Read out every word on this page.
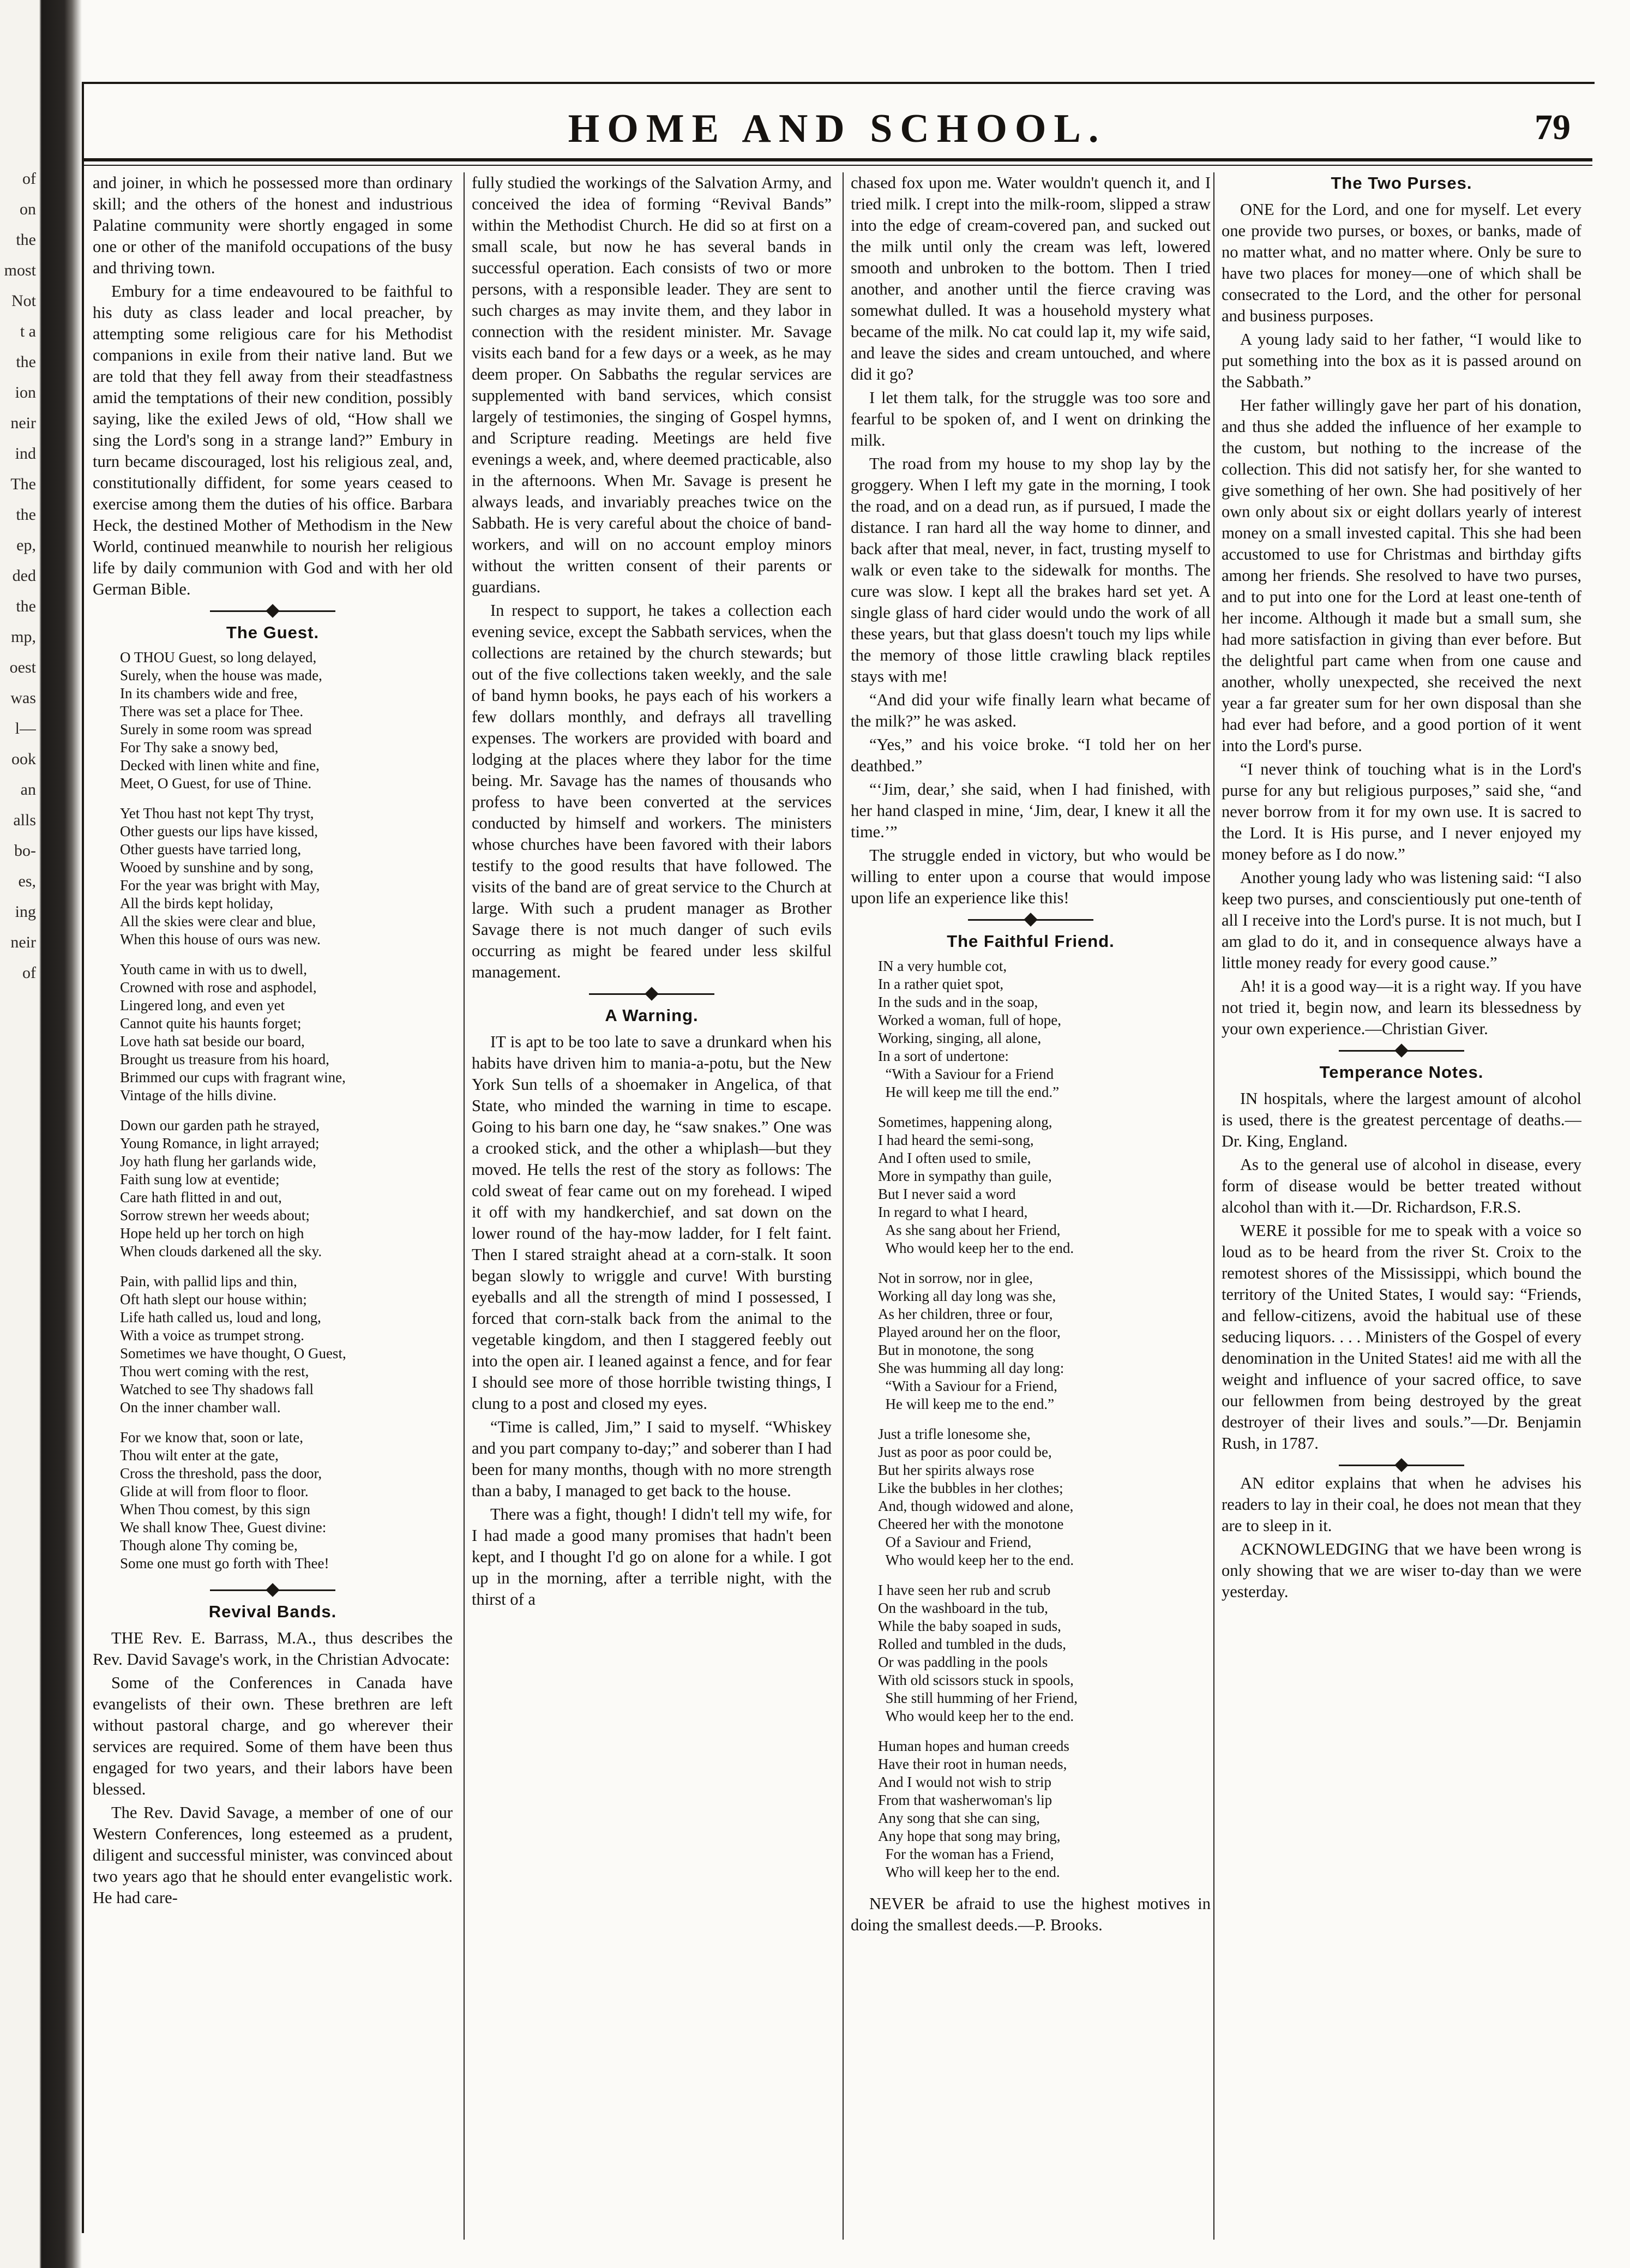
of
on
the
most
Not
t a
the
ion
neir
ind
The
the
ep,
ded
the
mp,
oest
was
l—
ook
an
alls
bo-
es,
ing
neir
of
HOME AND SCHOOL.	79

and joiner, in which he possessed more than ordinary skill; and the others of the honest and industrious Palatine community were shortly engaged in some one or other of the manifold occupations of the busy and thriving town.

Embury for a time endeavoured to be faithful to his duty as class leader and local preacher, by attempting some religious care for his Methodist companions in exile from their native land. But we are told that they fell away from their steadfastness amid the temptations of their new condition, possibly saying, like the exiled Jews of old, “How shall we sing the Lord's song in a strange land?” Embury in turn became discouraged, lost his religious zeal, and, constitutionally diffident, for some years ceased to exercise among them the duties of his office. Barbara Heck, the destined Mother of Methodism in the New World, continued meanwhile to nourish her religious life by daily communion with God and with her old German Bible.

The Guest.
O THOU Guest, so long delayed,
Surely, when the house was made,
In its chambers wide and free,
There was set a place for Thee.
Surely in some room was spread
For Thy sake a snowy bed,
Decked with linen white and fine,
Meet, O Guest, for use of Thine.
Yet Thou hast not kept Thy tryst,
Other guests our lips have kissed,
Other guests have tarried long,
Wooed by sunshine and by song,
For the year was bright with May,
All the birds kept holiday,
All the skies were clear and blue,
When this house of ours was new.
Youth came in with us to dwell,
Crowned with rose and asphodel,
Lingered long, and even yet
Cannot quite his haunts forget;
Love hath sat beside our board,
Brought us treasure from his hoard,
Brimmed our cups with fragrant wine,
Vintage of the hills divine.
Down our garden path he strayed,
Young Romance, in light arrayed;
Joy hath flung her garlands wide,
Faith sung low at eventide;
Care hath flitted in and out,
Sorrow strewn her weeds about;
Hope held up her torch on high
When clouds darkened all the sky.
Pain, with pallid lips and thin,
Oft hath slept our house within;
Life hath called us, loud and long,
With a voice as trumpet strong.
Sometimes we have thought, O Guest,
Thou wert coming with the rest,
Watched to see Thy shadows fall
On the inner chamber wall.
For we know that, soon or late,
Thou wilt enter at the gate,
Cross the threshold, pass the door,
Glide at will from floor to floor.
When Thou comest, by this sign
We shall know Thee, Guest divine:
Though alone Thy coming be,
Some one must go forth with Thee!
Revival Bands.

THE Rev. E. Barrass, M.A., thus describes the Rev. David Savage's work, in the Christian Advocate:

Some of the Conferences in Canada have evangelists of their own. These brethren are left without pastoral charge, and go wherever their services are required. Some of them have been thus engaged for two years, and their labors have been blessed.

The Rev. David Savage, a member of one of our Western Conferences, long esteemed as a prudent, diligent and successful minister, was convinced about two years ago that he should enter evangelistic work. He had care-

fully studied the workings of the Salvation Army, and conceived the idea of forming “Revival Bands” within the Methodist Church. He did so at first on a small scale, but now he has several bands in successful operation. Each consists of two or more persons, with a responsible leader. They are sent to such charges as may invite them, and they labor in connection with the resident minister. Mr. Savage visits each band for a few days or a week, as he may deem proper. On Sabbaths the regular services are supplemented with band services, which consist largely of testimonies, the singing of Gospel hymns, and Scripture reading. Meetings are held five evenings a week, and, where deemed practicable, also in the afternoons. When Mr. Savage is present he always leads, and invariably preaches twice on the Sabbath. He is very careful about the choice of band-workers, and will on no account employ minors without the written consent of their parents or guardians.

In respect to support, he takes a collection each evening sevice, except the Sabbath services, when the collections are retained by the church stewards; but out of the five collections taken weekly, and the sale of band hymn books, he pays each of his workers a few dollars monthly, and defrays all travelling expenses. The workers are provided with board and lodging at the places where they labor for the time being. Mr. Savage has the names of thousands who profess to have been converted at the services conducted by himself and workers. The ministers whose churches have been favored with their labors testify to the good results that have followed. The visits of the band are of great service to the Church at large. With such a prudent manager as Brother Savage there is not much danger of such evils occurring as might be feared under less skilful management.

A Warning.

IT is apt to be too late to save a drunkard when his habits have driven him to mania-a-potu, but the New York Sun tells of a shoemaker in Angelica, of that State, who minded the warning in time to escape. Going to his barn one day, he “saw snakes.” One was a crooked stick, and the other a whiplash—but they moved. He tells the rest of the story as follows: The cold sweat of fear came out on my forehead. I wiped it off with my handkerchief, and sat down on the lower round of the hay-mow ladder, for I felt faint. Then I stared straight ahead at a corn-stalk. It soon began slowly to wriggle and curve! With bursting eyeballs and all the strength of mind I possessed, I forced that corn-stalk back from the animal to the vegetable kingdom, and then I staggered feebly out into the open air. I leaned against a fence, and for fear I should see more of those horrible twisting things, I clung to a post and closed my eyes.

“Time is called, Jim,” I said to myself. “Whiskey and you part company to-day;” and soberer than I had been for many months, though with no more strength than a baby, I managed to get back to the house.

There was a fight, though! I didn't tell my wife, for I had made a good many promises that hadn't been kept, and I thought I'd go on alone for a while. I got up in the morning, after a terrible night, with the thirst of a

chased fox upon me. Water wouldn't quench it, and I tried milk. I crept into the milk-room, slipped a straw into the edge of cream-covered pan, and sucked out the milk until only the cream was left, lowered smooth and unbroken to the bottom. Then I tried another, and another until the fierce craving was somewhat dulled. It was a household mystery what became of the milk. No cat could lap it, my wife said, and leave the sides and cream untouched, and where did it go?

I let them talk, for the struggle was too sore and fearful to be spoken of, and I went on drinking the milk.

The road from my house to my shop lay by the groggery. When I left my gate in the morning, I took the road, and on a dead run, as if pursued, I made the distance. I ran hard all the way home to dinner, and back after that meal, never, in fact, trusting myself to walk or even take to the sidewalk for months. The cure was slow. I kept all the brakes hard set yet. A single glass of hard cider would undo the work of all these years, but that glass doesn't touch my lips while the memory of those little crawling black reptiles stays with me!

“And did your wife finally learn what became of the milk?” he was asked.

“Yes,” and his voice broke. “I told her on her deathbed.”

“‘Jim, dear,’ she said, when I had finished, with her hand clasped in mine, ‘Jim, dear, I knew it all the time.’”

The struggle ended in victory, but who would be willing to enter upon a course that would impose upon life an experience like this!

The Faithful Friend.
IN a very humble cot,
In a rather quiet spot,
In the suds and in the soap,
Worked a woman, full of hope,
Working, singing, all alone,
In a sort of undertone:
“With a Saviour for a Friend
He will keep me till the end.”
Sometimes, happening along,
I had heard the semi-song,
And I often used to smile,
More in sympathy than guile,
But I never said a word
In regard to what I heard,
As she sang about her Friend,
Who would keep her to the end.
Not in sorrow, nor in glee,
Working all day long was she,
As her children, three or four,
Played around her on the floor,
But in monotone, the song
She was humming all day long:
“With a Saviour for a Friend,
He will keep me to the end.”
Just a trifle lonesome she,
Just as poor as poor could be,
But her spirits always rose
Like the bubbles in her clothes;
And, though widowed and alone,
Cheered her with the monotone
Of a Saviour and Friend,
Who would keep her to the end.
I have seen her rub and scrub
On the washboard in the tub,
While the baby soaped in suds,
Rolled and tumbled in the duds,
Or was paddling in the pools
With old scissors stuck in spools,
She still humming of her Friend,
Who would keep her to the end.
Human hopes and human creeds
Have their root in human needs,
And I would not wish to strip
From that washerwoman's lip
Any song that she can sing,
Any hope that song may bring,
For the woman has a Friend,
Who will keep her to the end.

NEVER be afraid to use the highest motives in doing the smallest deeds.—P. Brooks.

The Two Purses.

ONE for the Lord, and one for myself. Let every one provide two purses, or boxes, or banks, made of no matter what, and no matter where. Only be sure to have two places for money—one of which shall be consecrated to the Lord, and the other for personal and business purposes.

A young lady said to her father, “I would like to put something into the box as it is passed around on the Sabbath.”

Her father willingly gave her part of his donation, and thus she added the influence of her example to the custom, but nothing to the increase of the collection. This did not satisfy her, for she wanted to give something of her own. She had positively of her own only about six or eight dollars yearly of interest money on a small invested capital. This she had been accustomed to use for Christmas and birthday gifts among her friends. She resolved to have two purses, and to put into one for the Lord at least one-tenth of her income. Although it made but a small sum, she had more satisfaction in giving than ever before. But the delightful part came when from one cause and another, wholly unexpected, she received the next year a far greater sum for her own disposal than she had ever had before, and a good portion of it went into the Lord's purse.

“I never think of touching what is in the Lord's purse for any but religious purposes,” said she, “and never borrow from it for my own use. It is sacred to the Lord. It is His purse, and I never enjoyed my money before as I do now.”

Another young lady who was listening said: “I also keep two purses, and conscientiously put one-tenth of all I receive into the Lord's purse. It is not much, but I am glad to do it, and in consequence always have a little money ready for every good cause.”

Ah! it is a good way—it is a right way. If you have not tried it, begin now, and learn its blessedness by your own experience.—Christian Giver.

Temperance Notes.

IN hospitals, where the largest amount of alcohol is used, there is the greatest percentage of deaths.—Dr. King, England.

As to the general use of alcohol in disease, every form of disease would be better treated without alcohol than with it.—Dr. Richardson, F.R.S.

WERE it possible for me to speak with a voice so loud as to be heard from the river St. Croix to the remotest shores of the Mississippi, which bound the territory of the United States, I would say: “Friends, and fellow-citizens, avoid the habitual use of these seducing liquors. . . . Ministers of the Gospel of every denomination in the United States! aid me with all the weight and influence of your sacred office, to save our fellowmen from being destroyed by the great destroyer of their lives and souls.”—Dr. Benjamin Rush, in 1787.

AN editor explains that when he advises his readers to lay in their coal, he does not mean that they are to sleep in it.

ACKNOWLEDGING that we have been wrong is only showing that we are wiser to-day than we were yesterday.
